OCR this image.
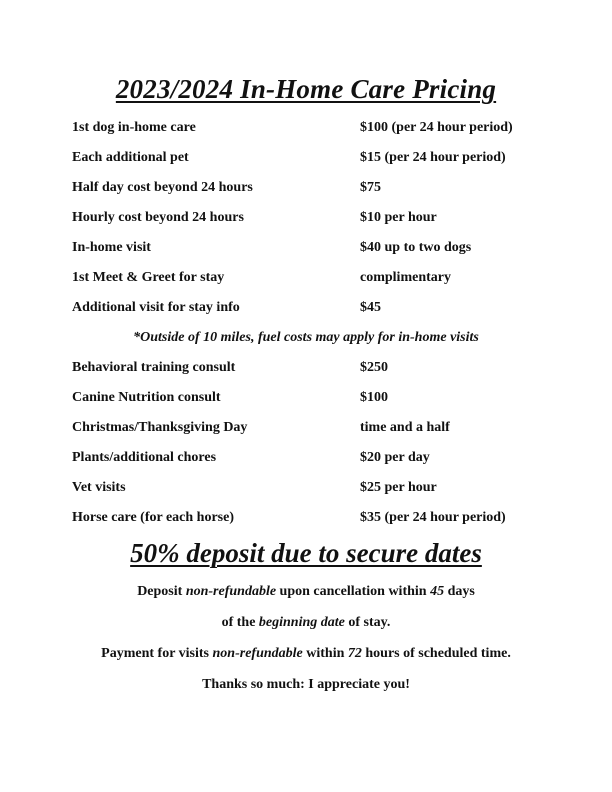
2023/2024 In-Home Care Pricing
1st dog in-home care	$100 (per 24 hour period)
Each additional pet	$15 (per 24 hour period)
Half day cost beyond 24 hours	$75
Hourly cost beyond 24 hours	$10 per hour
In-home visit	$40 up to two dogs
1st Meet & Greet for stay	complimentary
Additional visit for stay info	$45
*Outside of 10 miles, fuel costs may apply for in-home visits
Behavioral training consult	$250
Canine Nutrition consult	$100
Christmas/Thanksgiving Day	time and a half
Plants/additional chores	$20 per day
Vet visits	$25 per hour
Horse care (for each horse)	$35 (per 24 hour period)
50% deposit due to secure dates
Deposit non-refundable upon cancellation within 45 days
of the beginning date of stay.
Payment for visits non-refundable within 72 hours of scheduled time.
Thanks so much: I appreciate you!
